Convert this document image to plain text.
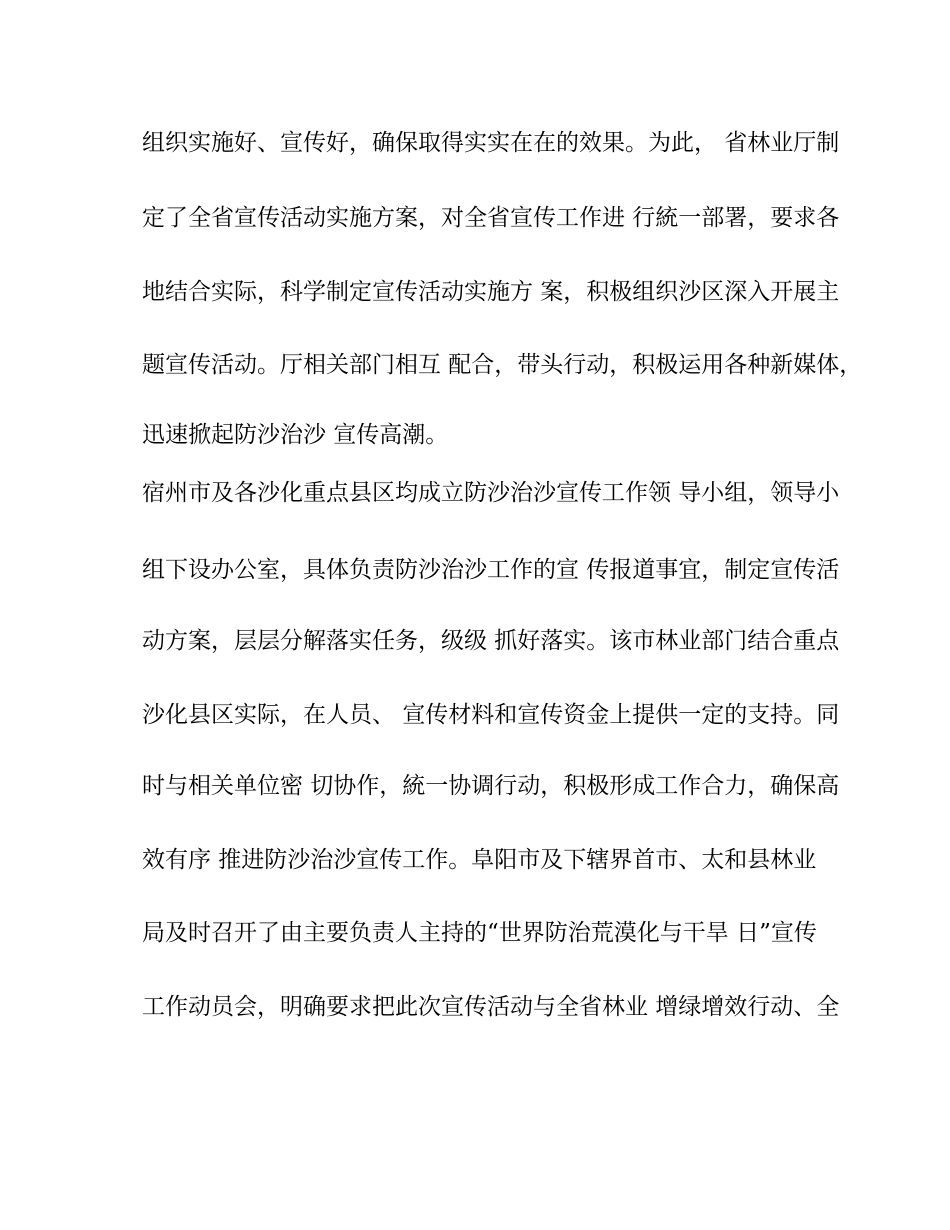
组织实施好、宣传好，确保取得实实在在的效果。为此， 省林业厅制
定了全省宣传活动实施方案，对全省宣传工作进 行統一部署，要求各
地结合实际，科学制定宣传活动实施方 案，积极组织沙区深入开展主
题宣传活动。厅相关部门相互 配合，带头行动，积极运用各种新媒体，
迅速掀起防沙治沙 宣传高潮。
宿州市及各沙化重点县区均成立防沙治沙宣传工作领 导小组，领导小
组下设办公室，具体负责防沙治沙工作的宣 传报道事宜，制定宣传活
动方案，层层分解落实任务，级级 抓好落实。该市林业部门结合重点
沙化县区实际，在人员、 宣传材料和宣传资金上提供一定的支持。同
时与相关单位密 切协作，統一协调行动，积极形成工作合力，确保高
效有序 推进防沙治沙宣传工作。阜阳市及下辖界首市、太和县林业
局及时召开了由主要负责人主持的“世界防治荒漠化与干旱 日”宣传
工作动员会，明确要求把此次宣传活动与全省林业 增绿增效行动、全
